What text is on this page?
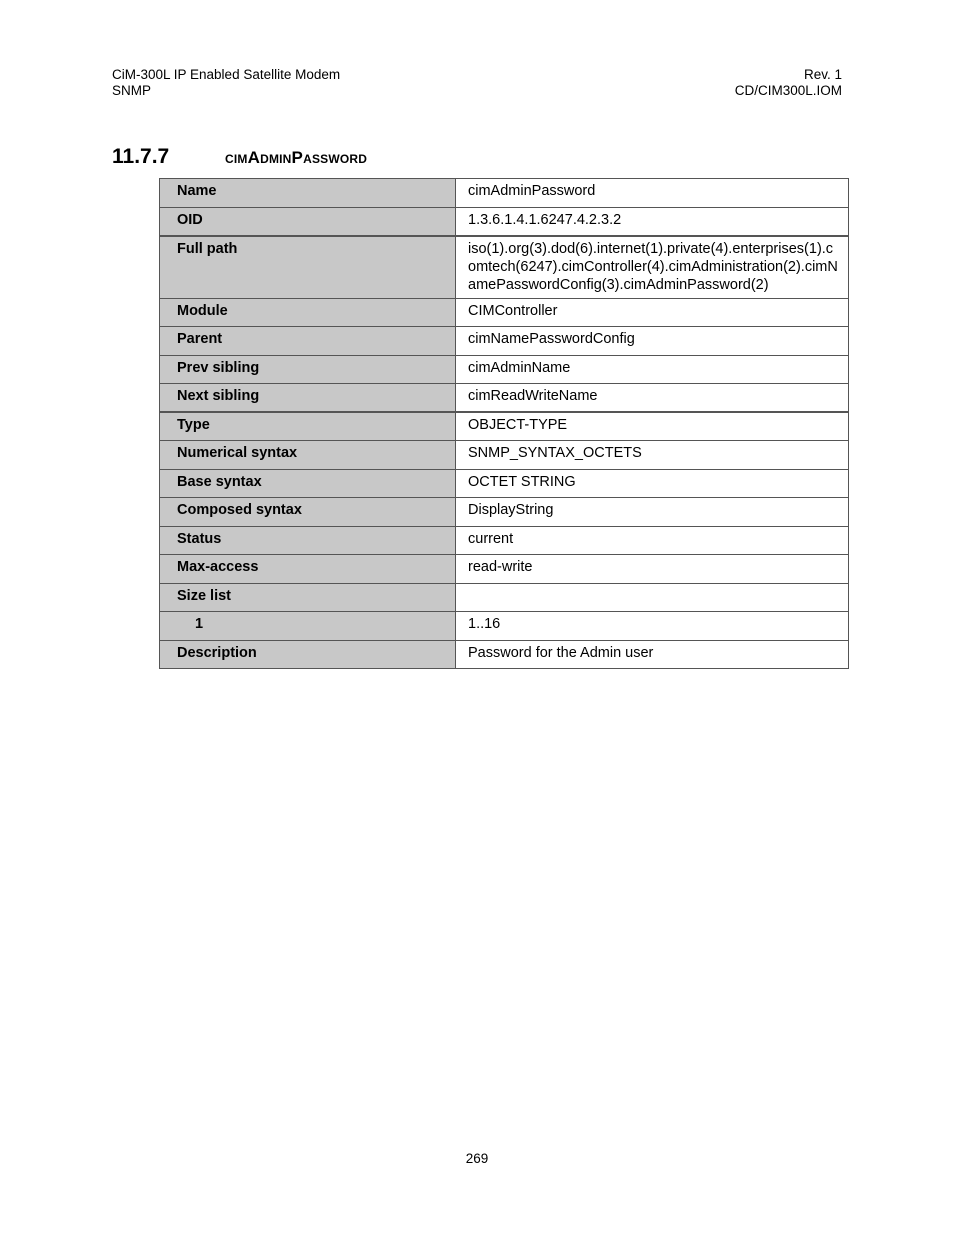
CiM-300L IP Enabled Satellite Modem
SNMP
Rev. 1
CD/CIM300L.IOM
11.7.7	cimAdminPassword
Name	cimAdminPassword
OID	1.3.6.1.4.1.6247.4.2.3.2
Full path	iso(1).org(3).dod(6).internet(1).private(4).enterprises(1).comtech(6247).cimController(4).cimAdministration(2).cimNamePasswordConfig(3).cimAdminPassword(2)
Module	CIMController
Parent	cimNamePasswordConfig
Prev sibling	cimAdminName
Next sibling	cimReadWriteName
Type	OBJECT-TYPE
Numerical syntax	SNMP_SYNTAX_OCTETS
Base syntax	OCTET STRING
Composed syntax	DisplayString
Status	current
Max-access	read-write
Size list	
1	1..16
Description	Password for the Admin user
269
